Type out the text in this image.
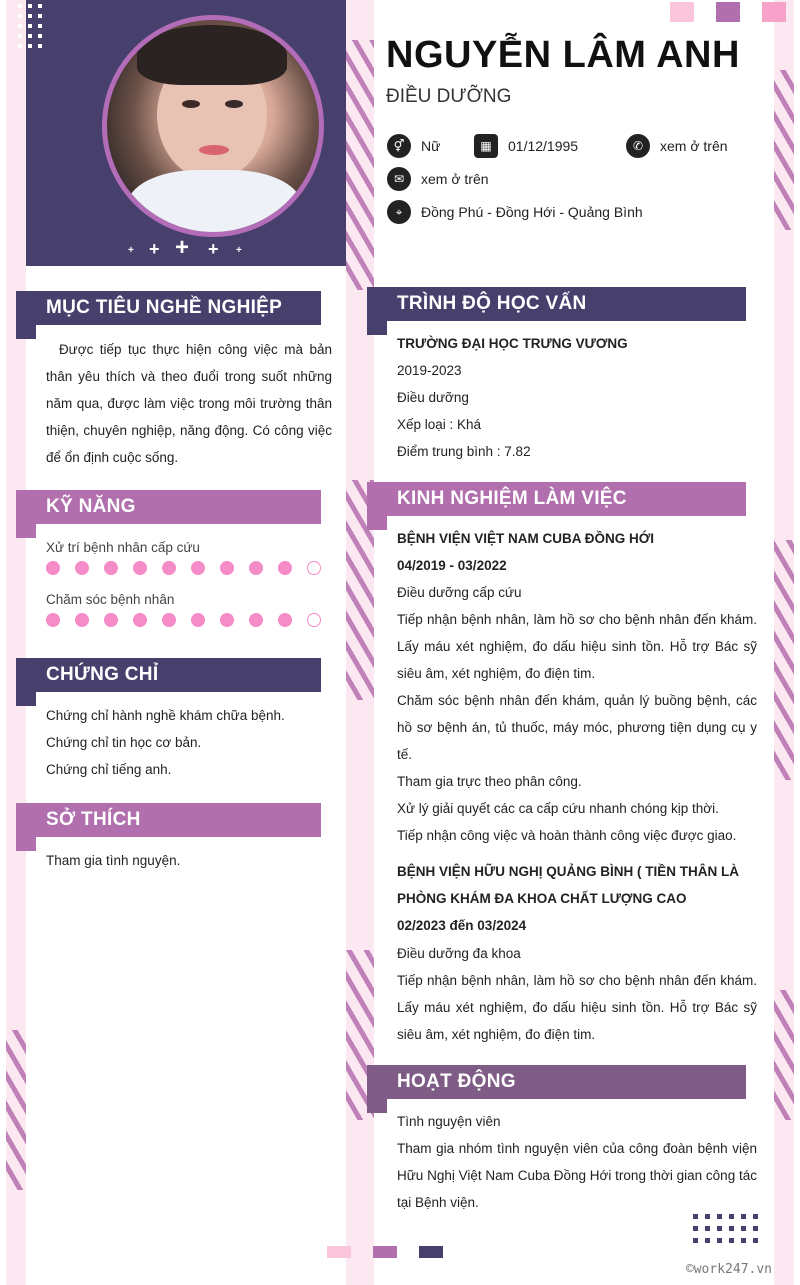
+ + + + +
NGUYỄN LÂM ANH
ĐIỀU DƯỠNG
⚥	Nữ	▦	01/12/1995	✆	xem ở trên
✉	xem ở trên
⌖	Đồng Phú - Đồng Hới - Quảng Bình
MỤC TIÊU NGHỀ NGHIỆP
Được tiếp tục thực hiện công việc mà bản thân yêu thích và theo đuổi trong suốt những năm qua, được làm việc trong môi trường thân thiện, chuyên nghiệp, năng động. Có công việc để ổn định cuộc sống.
KỸ NĂNG
Xử trí bệnh nhân cấp cứu
Chăm sóc bệnh nhân
CHỨNG CHỈ
Chứng chỉ hành nghề khám chữa bệnh.
Chứng chỉ tin học cơ bản.
Chứng chỉ tiếng anh.
SỞ THÍCH
Tham gia tình nguyện.
TRÌNH ĐỘ HỌC VẤN
TRƯỜNG ĐẠI HỌC TRƯNG VƯƠNG
2019-2023
Điều dưỡng
Xếp loại : Khá
Điểm trung bình : 7.82
KINH NGHIỆM LÀM VIỆC
BỆNH VIỆN VIỆT NAM CUBA ĐỒNG HỚI
04/2019 - 03/2022
Điều dưỡng cấp cứu
Tiếp nhận bệnh nhân, làm hồ sơ cho bệnh nhân đến khám. Lấy máu xét nghiệm, đo dấu hiệu sinh tồn. Hỗ trợ Bác sỹ siêu âm, xét nghiệm, đo điện tim.
Chăm sóc bệnh nhân đến khám, quản lý buồng bệnh, các hồ sơ bệnh án, tủ thuốc, máy móc, phương tiện dụng cụ y tế.
Tham gia trực theo phân công.
Xử lý giải quyết các ca cấp cứu nhanh chóng kịp thời.
Tiếp nhận công việc và hoàn thành công việc được giao.
BỆNH VIỆN HỮU NGHỊ QUẢNG BÌNH ( TIỀN THÂN LÀ PHÒNG KHÁM ĐA KHOA CHẤT LƯỢNG CAO
02/2023 đến 03/2024
Điều dưỡng đa khoa
Tiếp nhận bệnh nhân, làm hồ sơ cho bệnh nhân đến khám. Lấy máu xét nghiệm, đo dấu hiệu sinh tồn. Hỗ trợ Bác sỹ siêu âm, xét nghiệm, đo điện tim.
HOẠT ĐỘNG
Tình nguyện viên
Tham gia nhóm tình nguyện viên của công đoàn bệnh viện Hữu Nghị Việt Nam Cuba Đồng Hới trong thời gian công tác tại Bệnh viện.
©work247.vn
